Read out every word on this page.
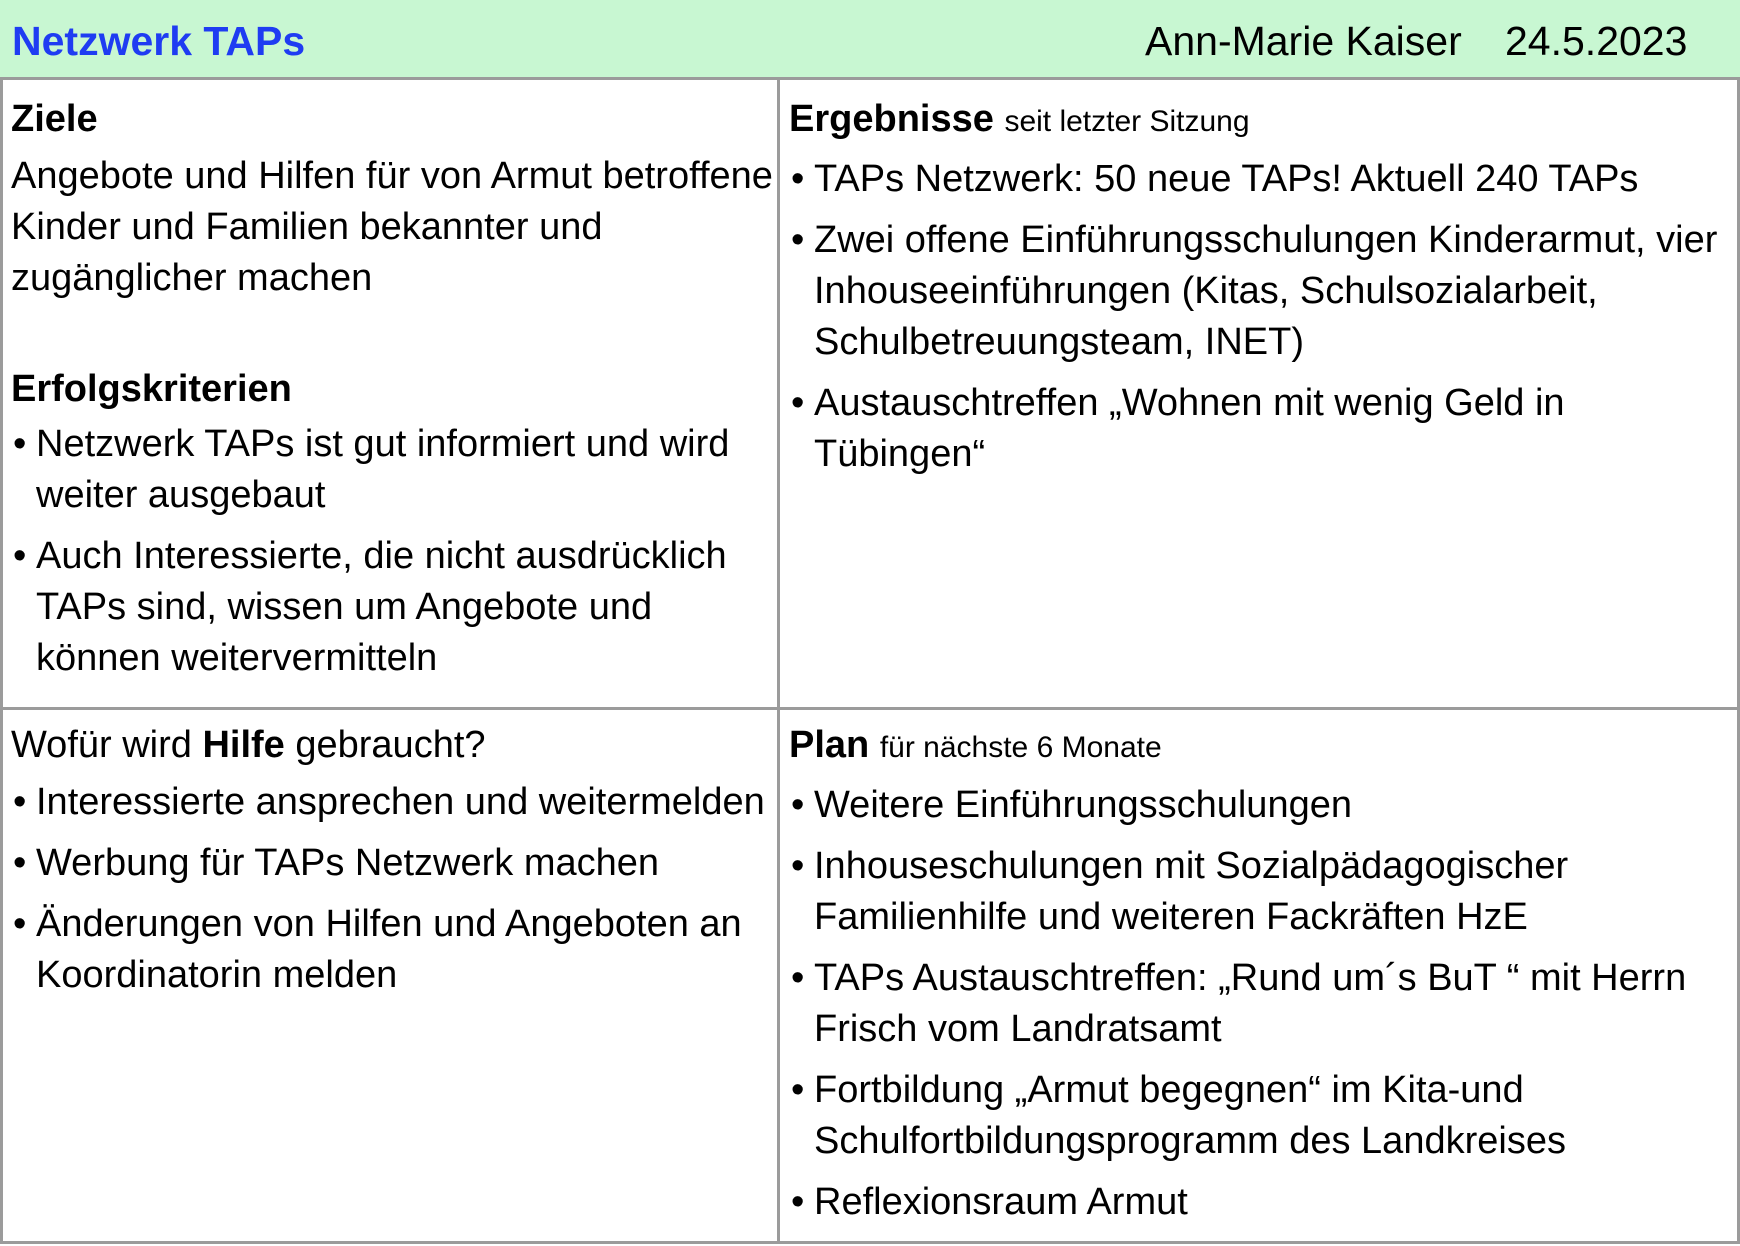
Netzwerk TAPs	Ann-Marie Kaiser 24.5.2023
Ziele
Angebote und Hilfen für von Armut betroffene Kinder und Familien bekannter und zugänglicher machen
Erfolgskriterien
• Netzwerk TAPs ist gut informiert und wird weiter ausgebaut
• Auch Interessierte, die nicht ausdrücklich TAPs sind, wissen um Angebote und können weitervermitteln
Ergebnisse seit letzter Sitzung
• TAPs Netzwerk: 50 neue TAPs! Aktuell 240 TAPs
• Zwei offene Einführungsschulungen Kinderarmut, vier Inhouseeinführungen (Kitas, Schulsozialarbeit, Schulbetreuungsteam, INET)
• Austauschtreffen „Wohnen mit wenig Geld in Tübingen“
Wofür wird Hilfe gebraucht?
• Interessierte ansprechen und weitermelden
• Werbung für TAPs Netzwerk machen
• Änderungen von Hilfen und Angeboten an Koordinatorin melden
Plan für nächste 6 Monate
• Weitere Einführungsschulungen
• Inhouseschulungen mit Sozialpädagogischer Familienhilfe und weiteren Fackräften HzE
• TAPs Austauschtreffen: „Rund um´s BuT “ mit Herrn Frisch vom Landratsamt
• Fortbildung „Armut begegnen“ im Kita-und Schulfortbildungsprogramm des Landkreises
• Reflexionsraum Armut
